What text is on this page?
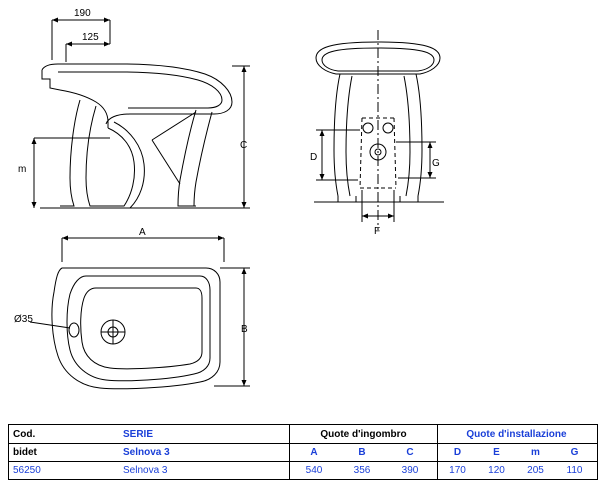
190
125
C
m
D
G
F
A
B
Ø35
Cod.	SERIE	Quote d'ingombro	Quote d'installazione
bidet	Selnova 3	A	B	C	D	E	m	G
56250	Selnova 3	540	356	390	170	120	205	110
